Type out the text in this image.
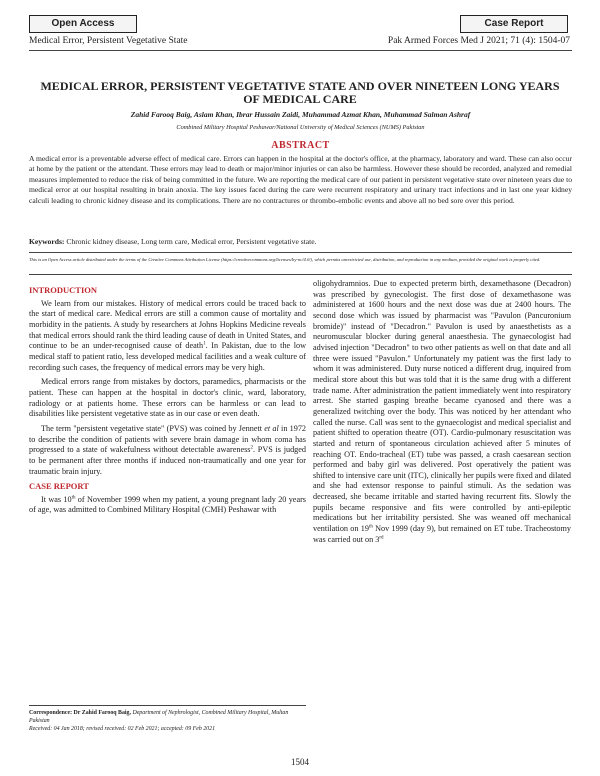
Open Access	Case Report
Medical Error, Persistent Vegetative State	Pak Armed Forces Med J 2021; 71 (4): 1504-07
MEDICAL ERROR, PERSISTENT VEGETATIVE STATE AND OVER NINETEEN LONG YEARS OF MEDICAL CARE
Zahid Farooq Baig, Aslam Khan, Ibrar Hussain Zaidi, Muhammad Azmat Khan, Muhammad Salman Ashraf
Combined Military Hospital Peshawar/National University of Medical Sciences (NUMS) Pakistan
ABSTRACT

A medical error is a preventable adverse effect of medical care. Errors can happen in the hospital at the doctor's office, at the pharmacy, laboratory and ward. These can also occur at home by the patient or the attendant. These errors may lead to death or major/minor injuries or can also be harmless. However these should be recorded, analyzed and remedial measures implemented to reduce the risk of being committed in the future. We are reporting the medical care of our patient in persistent vegetative state over nineteen years due to medical error at our hospital resulting in brain anoxia. The key issues faced during the care were recurrent respiratory and urinary tract infections and in last one year kidney calculi leading to chronic kidney disease and its complications. There are no contractures or thrombo-embolic events and above all no bed sore over this period.

Keywords: Chronic kidney disease, Long term care, Medical error, Persistent vegetative state.

This is an Open Access article distributed under the terms of the Creative Commons Attribution License (https://creativecommons.org/licenses/by-nc/4.0/), which permits unrestricted use, distribution, and reproduction in any medium, provided the original work is properly cited.

INTRODUCTION

We learn from our mistakes. History of medical errors could be traced back to the start of medical care. Medical errors are still a common cause of mortality and morbidity in the patients. A study by researchers at Johns Hopkins Medicine reveals that medical errors should rank the third leading cause of death in United States, and continue to be an under-recognised cause of death$^1$. In Pakistan, due to the low medical staff to patient ratio, less developed medical facilities and a weak culture of recording such cases, the frequency of medical errors may be very high.

Medical errors range from mistakes by doctors, paramedics, pharmacists or the patient. These can happen at the hospital in doctor's clinic, ward, laboratory, radiology or at patients home. These errors can be harmless or can lead to disabilities like persistent vegetative state as in our case or even death.

The term "persistent vegetative state" (PVS) was coined by Jennett et al in 1972 to describe the condition of patients with severe brain damage in whom coma has progressed to a state of wakefulness without detectable awareness$^2$. PVS is judged to be permanent after three months if induced non-traumatically and one year for traumatic brain injury.

CASE REPORT

It was 10th of November 1999 when my patient, a young pregnant lady 20 years of age, was admitted to Combined Military Hospital (CMH) Peshawar with

oligohydramnios. Due to expected preterm birth, dexamethasone (Decadron) was prescribed by gynecologist. The first dose of dexamethasone was administered at 1600 hours and the next dose was due at 2400 hours. The second dose which was issued by pharmacist was "Pavulon (Pancuronium bromide)" instead of "Decadron." Pavulon is used by anaesthetists as a neuromuscular blocker during general anaesthesia. The gynaecologist had advised injection "Decadron" to two other patients as well on that date and all three were issued "Pavulon." Unfortunately my patient was the first lady to whom it was administered. Duty nurse noticed a different drug, inquired from medical store about this but was told that it is the same drug with a different trade name. After administration the patient immediately went into respiratory arrest. She started gasping breathe became cyanosed and there was a generalized twitching over the body. This was noticed by her attendant who called the nurse. Call was sent to the gynaecologist and medical specialist and patient shifted to operation theatre (OT). Cardio-pulmonary resuscitation was started and return of spontaneous circulation achieved after 5 minutes of reaching OT. Endo-tracheal (ET) tube was passed, a crash caesarean section performed and baby girl was delivered. Post operatively the patient was shifted to intensive care unit (ITC), clinically her pupils were fixed and dilated and she had extensor response to painful stimuli. As the sedation was decreased, she became irritable and started having recurrent fits. Slowly the pupils became responsive and fits were controlled by anti-epileptic medications but her irritability persisted. She was weaned off mechanical ventilation on 19th Nov 1999 (day 9), but remained on ET tube. Tracheostomy was carried out on 3rd

Correspondence: Dr Zahid Farooq Baig, Department of Nephrologist, Combined Military Hospital, Multan Pakistan
Received: 04 Jan 2018; revised received: 02 Feb 2021; accepted: 09 Feb 2021
1504
